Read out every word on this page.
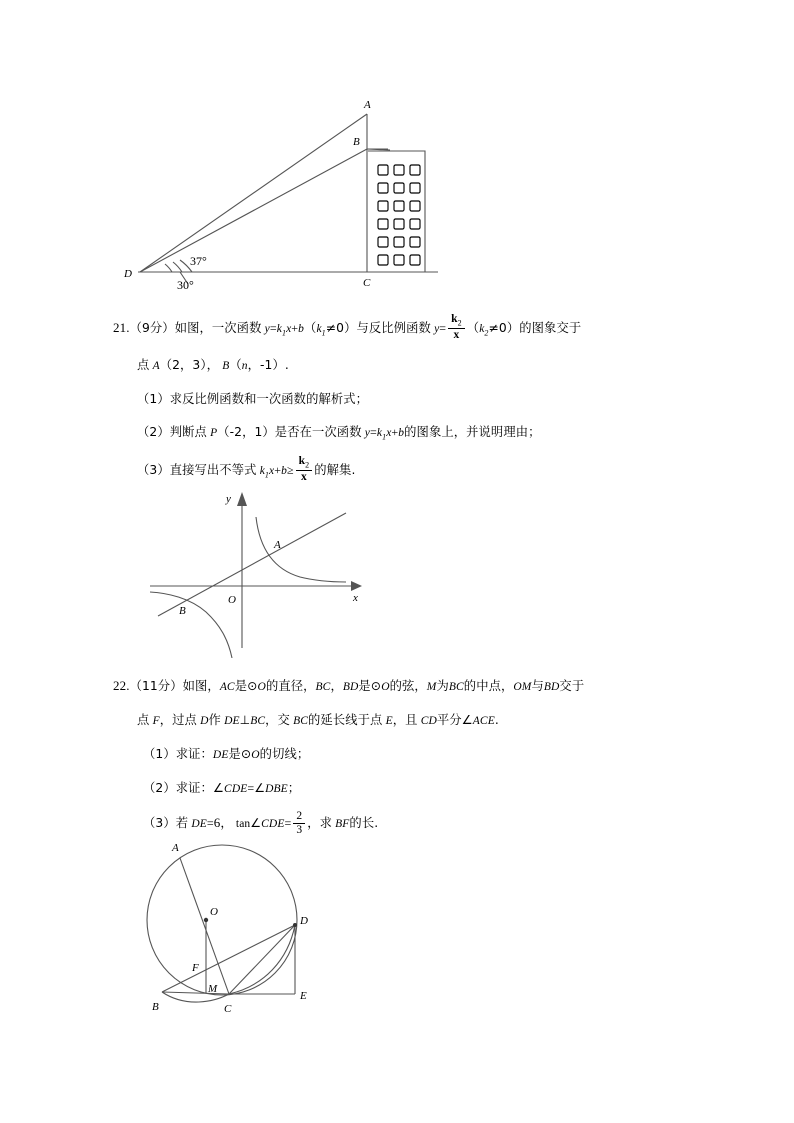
A
B
C
D
37°
30°
21.（9分）如图，一次函数 $y=k_1x+b(k_1\ne 0)$与反比例函数 $y= \frac{k_2}{x} (k_2\ne 0)$的图象交于
点 A（2，3）， B（n，-1）.
（1）求反比例函数和一次函数的解析式；
（2）判断点 P（-2，1）是否在一次函数 $y=k_1x+b$的图象上，并说明理由；
（3）直接写出不等式 $k_1x+b\ge \frac{k_2}{x}$ 的解集.
x
y
O
A
B
22.（11分）如图，AC是⊙O的直径，BC，BD是⊙O的弦，M为BC的中点，OM与BD交于
点 F，过点 D作 DE⊥BC，交 BC的延长线于点 E，且 CD平分∠ACE.
（1）求证：DE是⊙O的切线；
（2）求证：∠CDE=∠DBE；
（3）若 DE=6， tan∠CDE= $\frac{2}{3}$ ，求 BF的长.
A
B	C
D
E
F
M
O
